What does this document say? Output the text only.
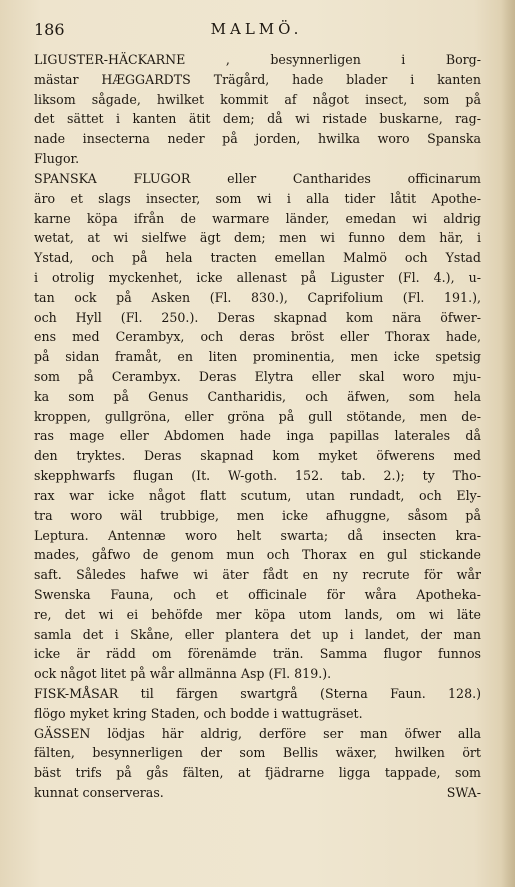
186	MALMÖ.
LIGUSTER-HÄCKARNE , besynnerligen i Borg-
mästar HÆGGARDTS Trägård, hade blader i kanten
liksom sågade, hwilket kommit af något insect, som på
det sättet i kanten ätit dem; då wi ristade buskarne, rag-
nade insecterna neder på jorden, hwilka woro Spanska
Flugor.
SPANSKA FLUGOR eller Cantharides officinarum
äro et slags insecter, som wi i alla tider låtit Apothe-
karne köpa ifrån de warmare länder, emedan wi aldrig
wetat, at wi sielfwe ägt dem; men wi funno dem här, i
Ystad, och på hela tracten emellan Malmö och Ystad
i otrolig myckenhet, icke allenast på Liguster (Fl. 4.), u-
tan ock på Asken (Fl. 830.), Caprifolium (Fl. 191.),
och Hyll (Fl. 250.). Deras skapnad kom nära öfwer-
ens med Cerambyx, och deras bröst eller Thorax hade,
på sidan framåt, en liten prominentia, men icke spetsig
som på Cerambyx. Deras Elytra eller skal woro mju-
ka som på Genus Cantharidis, och äfwen, som hela
kroppen, gullgröna, eller gröna på gull stötande, men de-
ras mage eller Abdomen hade inga papillas laterales då
den tryktes. Deras skapnad kom myket öfwerens med
skepphwarfs flugan (It. W-goth. 152. tab. 2.); ty Tho-
rax war icke något flatt scutum, utan rundadt, och Ely-
tra woro wäl trubbige, men icke afhuggne, såsom på
Leptura. Antennæ woro helt swarta; då insecten kra-
mades, gåfwo de genom mun och Thorax en gul stickande
saft. Således hafwe wi äter fådt en ny recrute för wår
Swenska Fauna, och et officinale för wåra Apotheka-
re, det wi ei behöfde mer köpa utom lands, om wi läte
samla det i Skåne, eller plantera det up i landet, der man
icke är rädd om förenämde trän. Samma flugor funnos
ock något litet på wår allmänna Asp (Fl. 819.).
FISK-MÅSAR til färgen swartgrå (Sterna Faun. 128.)
flögo myket kring Staden, och bodde i wattugräset.
GÄSSEN lödjas här aldrig, derföre ser man öfwer alla
fälten, besynnerligen der som Bellis wäxer, hwilken ört
bäst trifs på gås fälten, at fjädrarne ligga tappade, som
kunnat conserveras.	SWA-
